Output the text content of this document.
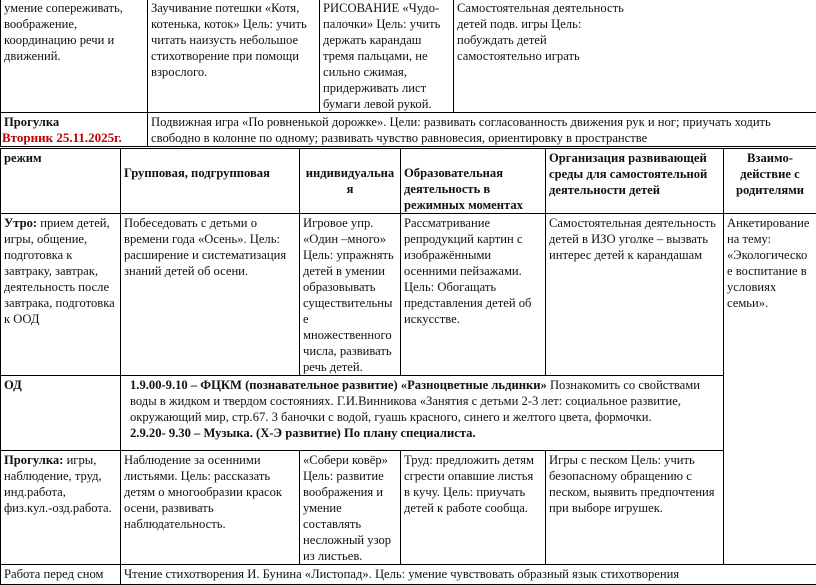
умение сопереживать, воображение, координацию речи и движений.	Заучивание потешки «Котя, котенька, коток» Цель: учить читать наизусть небольшое стихотворение при помощи взрослого.	РИСОВАНИЕ «Чудо-палочки» Цель: учить держать карандаш тремя пальцами, не сильно сжимая, придерживать лист бумаги левой рукой.	Самостоятельная деятельность детей подв. игры Цель: побуждать детей самостоятельно играть

Прогулка	Подвижная игра «По ровненькой дорожке». Цели: развивать согласованность движения рук и ног; приучать ходить свободно в колонне по одному; развивать чувство равновесия, ориентировку в пространстве		
Вторник 25.11.2025г.
режим	Групповая, подгрупповая	индивидуальна я	Образовательная деятельность в режимных моментах	Организация развивающей среды для самостоятельной деятельности детей	Взаимо-действие с родителями
Утро: прием детей, игры, общение, подготовка к завтраку, завтрак, деятельность после завтрака, подготовка к ООД	Побеседовать с детьми о времени года «Осень». Цель: расширение и систематизация знаний детей об осени.	Игровое упр. «Один –много» Цель: упражнять детей в умении образовывать существительны е множественного числа, развивать речь детей.	Рассматривание репродукций картин с изображёнными осенними пейзажами. Цель: Обогащать представления детей об искусстве.	Самостоятельная деятельность детей в ИЗО уголке – вызвать интерес детей к карандашам	Анкетирование на тему: «Экологическое воспитание в условиях семьи».
ОД	1.9.00-9.10 – ФЦКМ (познавательное развитие) «Разноцветные льдинки» Познакомить со свойствами воды в жидком и твердом состояниях. Г.И.Винникова «Занятия с детьми 2-3 лет: социальное развитие, окружающий мир, стр.67. 3 баночки с водой, гуашь красного, синего и желтого цвета, формочки.
2.9.20- 9.30 – Музыка. (Х-Э развитие) По плану специалиста.				

Прогулка: игры, наблюдение, труд, инд.работа, физ.кул.-озд.работа.	Наблюдение за осенними листьями. Цель: рассказать детям о многообразии красок осени, развивать наблюдательность.	«Собери ковёр» Цель: развитие воображения и умение составлять несложный узор из листьев.	Труд: предложить детям сгрести опавшие листья в кучу. Цель: приучать детей к работе сообща.	Игры с песком Цель: учить безопасному обращению с песком, выявить предпочтения при выборе игрушек.	
Работа перед сном	Чтение стихотворения И. Бунина «Листопад». Цель: умение чувствовать образный язык стихотворения				
